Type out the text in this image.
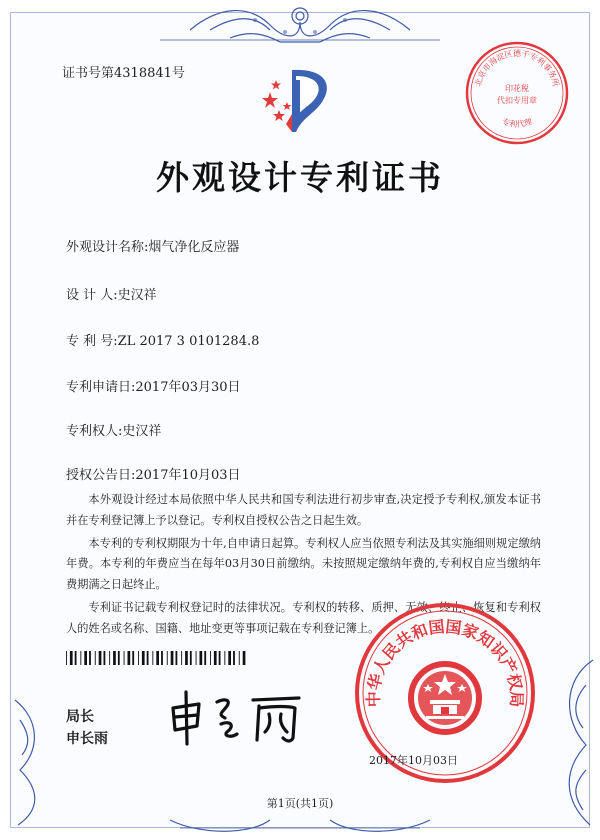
证书号第4318841号
北京市海淀区德千专利事务所
印花税
代扣专用章
专利代理
外观设计专利证书
外观设计名称:烟气净化反应器
设 计 人:史汉祥
专 利 号:ZL 2017 3 0101284.8
专利申请日:2017年03月30日
专利权人:史汉祥
授权公告日:2017年10月03日

本外观设计经过本局依照中华人民共和国专利法进行初步审查,决定授予专利权,颁发本证书并在专利登记簿上予以登记。专利权自授权公告之日起生效。

本专利的专利权期限为十年,自申请日起算。专利权人应当依照专利法及其实施细则规定缴纳年费。本专利的年费应当在每年03月30日前缴纳。未按照规定缴纳年费的,专利权自应当缴纳年费期满之日起终止。

专利证书记载专利权登记时的法律状况。专利权的转移、质押、无效、终止、恢复和专利权人的姓名或名称、国籍、地址变更等事项记载在专利登记簿上。

局长
申长雨
中华人民共和国国家知识产权局
2017年10月03日
第1页(共1页)
